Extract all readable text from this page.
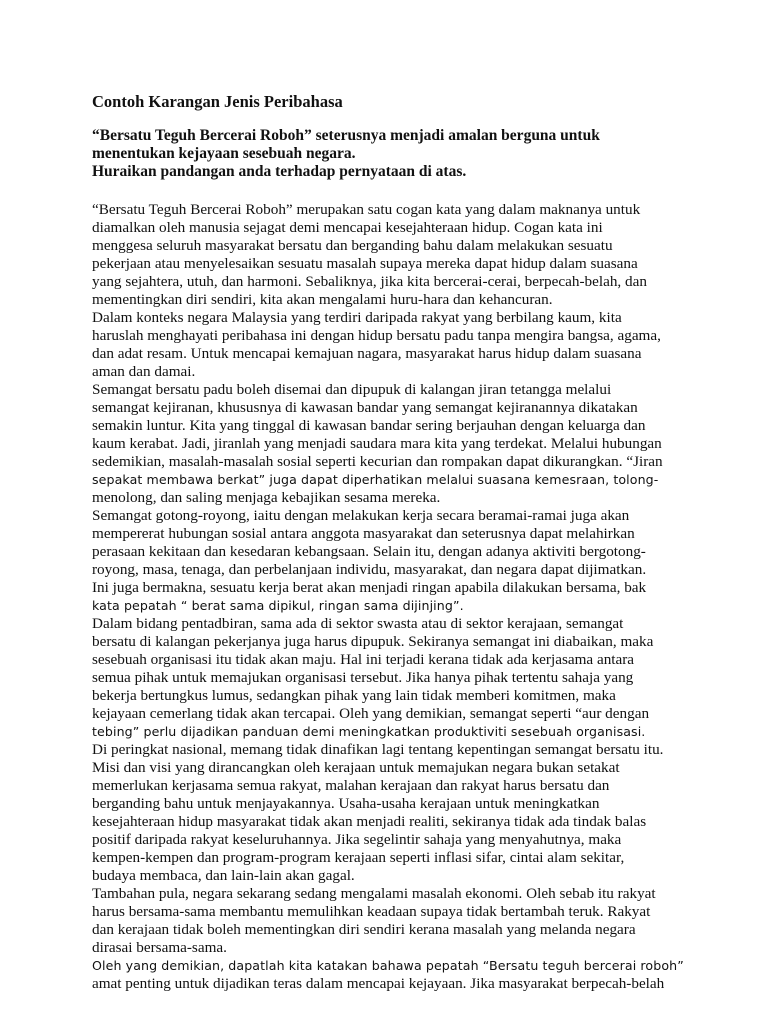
Contoh Karangan Jenis Peribahasa
“Bersatu Teguh Bercerai Roboh” seterusnya menjadi amalan berguna untuk
menentukan kejayaan sesebuah negara.
Huraikan pandangan anda terhadap pernyataan di atas.
“Bersatu Teguh Bercerai Roboh” merupakan satu cogan kata yang dalam maknanya untuk
diamalkan oleh manusia sejagat demi mencapai kesejahteraan hidup. Cogan kata ini
menggesa seluruh masyarakat bersatu dan berganding bahu dalam melakukan sesuatu
pekerjaan atau menyelesaikan sesuatu masalah supaya mereka dapat hidup dalam suasana
yang sejahtera, utuh, dan harmoni. Sebaliknya, jika kita bercerai-cerai, berpecah-belah, dan
mementingkan diri sendiri, kita akan mengalami huru-hara dan kehancuran.
Dalam konteks negara Malaysia yang terdiri daripada rakyat yang berbilang kaum, kita
haruslah menghayati peribahasa ini dengan hidup bersatu padu tanpa mengira bangsa, agama,
dan adat resam. Untuk mencapai kemajuan nagara, masyarakat harus hidup dalam suasana
aman dan damai.
Semangat bersatu padu boleh disemai dan dipupuk di kalangan jiran tetangga melalui
semangat kejiranan, khususnya di kawasan bandar yang semangat kejiranannya dikatakan
semakin luntur. Kita yang tinggal di kawasan bandar sering berjauhan dengan keluarga dan
kaum kerabat. Jadi, jiranlah yang menjadi saudara mara kita yang terdekat. Melalui hubungan
sedemikian, masalah-masalah sosial seperti kecurian dan rompakan dapat dikurangkan. “Jiran
sepakat membawa berkat” juga dapat diperhatikan melalui suasana kemesraan, tolong-
menolong, dan saling menjaga kebajikan sesama mereka.
Semangat gotong-royong, iaitu dengan melakukan kerja secara beramai-ramai juga akan
mempererat hubungan sosial antara anggota masyarakat dan seterusnya dapat melahirkan
perasaan kekitaan dan kesedaran kebangsaan. Selain itu, dengan adanya aktiviti bergotong-
royong, masa, tenaga, dan perbelanjaan individu, masyarakat, dan negara dapat dijimatkan.
Ini juga bermakna, sesuatu kerja berat akan menjadi ringan apabila dilakukan bersama, bak
kata pepatah “ berat sama dipikul, ringan sama dijinjing”.
Dalam bidang pentadbiran, sama ada di sektor swasta atau di sektor kerajaan, semangat
bersatu di kalangan pekerjanya juga harus dipupuk. Sekiranya semangat ini diabaikan, maka
sesebuah organisasi itu tidak akan maju. Hal ini terjadi kerana tidak ada kerjasama antara
semua pihak untuk memajukan organisasi tersebut. Jika hanya pihak tertentu sahaja yang
bekerja bertungkus lumus, sedangkan pihak yang lain tidak memberi komitmen, maka
kejayaan cemerlang tidak akan tercapai. Oleh yang demikian, semangat seperti “aur dengan
tebing” perlu dijadikan panduan demi meningkatkan produktiviti sesebuah organisasi.
Di peringkat nasional, memang tidak dinafikan lagi tentang kepentingan semangat bersatu itu.
Misi dan visi yang dirancangkan oleh kerajaan untuk memajukan negara bukan setakat
memerlukan kerjasama semua rakyat, malahan kerajaan dan rakyat harus bersatu dan
berganding bahu untuk menjayakannya. Usaha-usaha kerajaan untuk meningkatkan
kesejahteraan hidup masyarakat tidak akan menjadi realiti, sekiranya tidak ada tindak balas
positif daripada rakyat keseluruhannya. Jika segelintir sahaja yang menyahutnya, maka
kempen-kempen dan program-program kerajaan seperti inflasi sifar, cintai alam sekitar,
budaya membaca, dan lain-lain akan gagal.
Tambahan pula, negara sekarang sedang mengalami masalah ekonomi. Oleh sebab itu rakyat
harus bersama-sama membantu memulihkan keadaan supaya tidak bertambah teruk. Rakyat
dan kerajaan tidak boleh mementingkan diri sendiri kerana masalah yang melanda negara
dirasai bersama-sama.
Oleh yang demikian, dapatlah kita katakan bahawa pepatah “Bersatu teguh bercerai roboh”
amat penting untuk dijadikan teras dalam mencapai kejayaan. Jika masyarakat berpecah-belah
